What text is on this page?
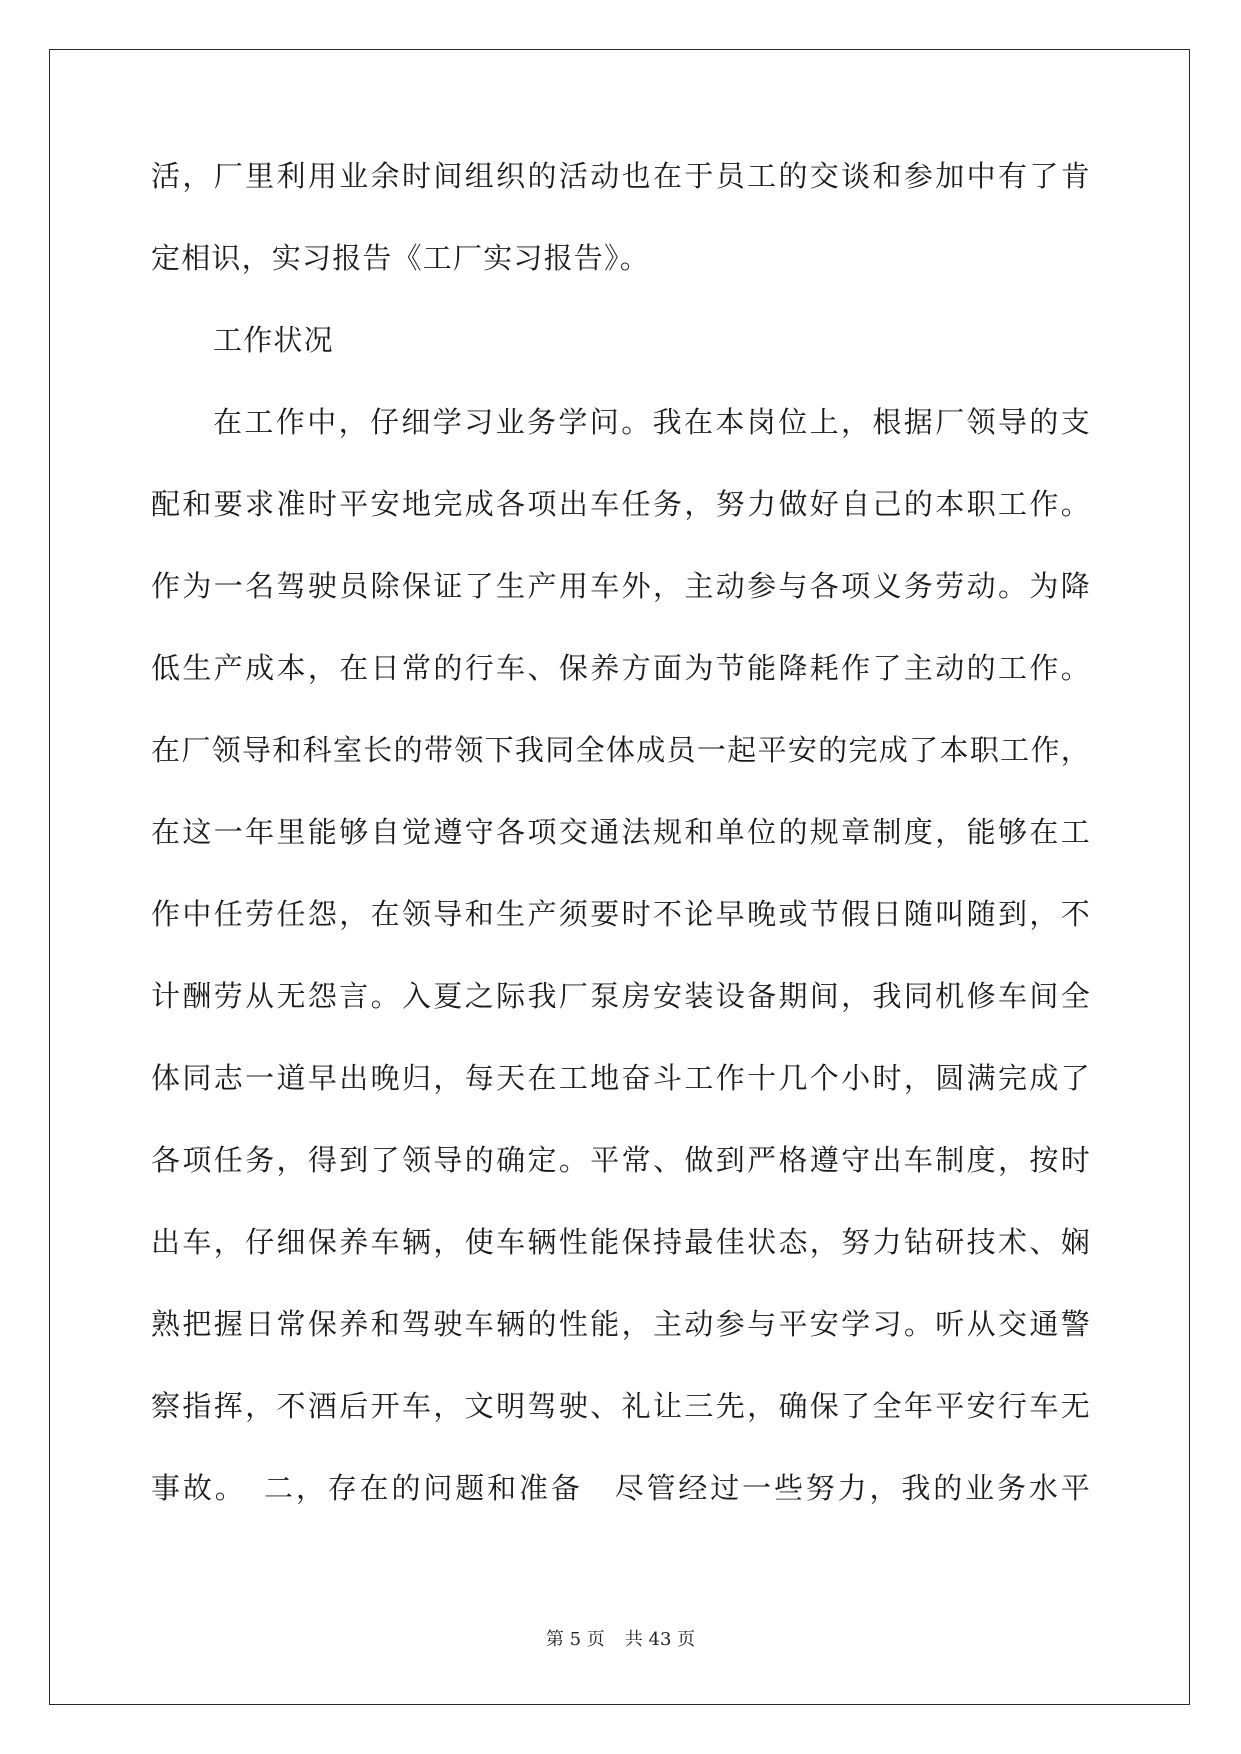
活，厂里利用业余时间组织的活动也在于员工的交谈和参加中有了肯
定相识，实习报告《工厂实习报告》。
工作状况
在工作中，仔细学习业务学问。我在本岗位上，根据厂领导的支
配和要求准时平安地完成各项出车任务，努力做好自己的本职工作。
作为一名驾驶员除保证了生产用车外，主动参与各项义务劳动。为降
低生产成本，在日常的行车、保养方面为节能降耗作了主动的工作。
在厂领导和科室长的带领下我同全体成员一起平安的完成了本职工作，
在这一年里能够自觉遵守各项交通法规和单位的规章制度，能够在工
作中任劳任怨，在领导和生产须要时不论早晚或节假日随叫随到，不
计酬劳从无怨言。入夏之际我厂泵房安装设备期间，我同机修车间全
体同志一道早出晚归，每天在工地奋斗工作十几个小时，圆满完成了
各项任务，得到了领导的确定。平常、做到严格遵守出车制度，按时
出车，仔细保养车辆，使车辆性能保持最佳状态，努力钻研技术、娴
熟把握日常保养和驾驶车辆的性能，主动参与平安学习。听从交通警
察指挥，不酒后开车，文明驾驶、礼让三先，确保了全年平安行车无
事故。　二，存在的问题和准备　尽管经过一些努力，我的业务水平
第 5 页 共 43 页
